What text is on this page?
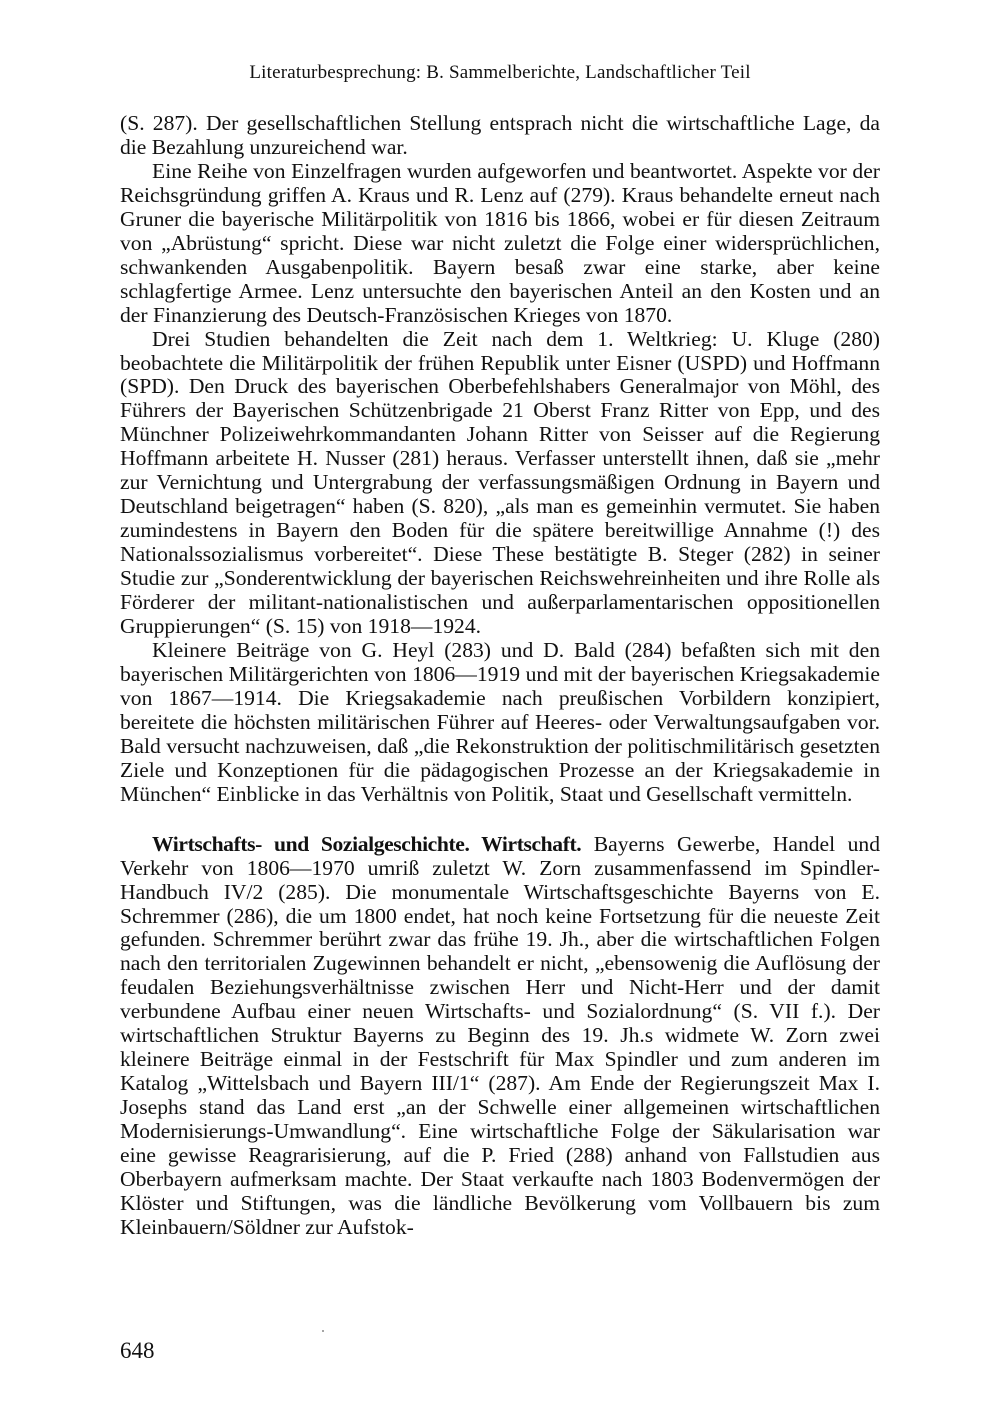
Literaturbesprechung: B. Sammelberichte, Landschaftlicher Teil

(S. 287). Der gesellschaftlichen Stellung entsprach nicht die wirtschaftliche Lage, da die Bezahlung unzureichend war.

Eine Reihe von Einzelfragen wurden aufgeworfen und beantwortet. Aspekte vor der Reichsgründung griffen A. Kraus und R. Lenz auf (279). Kraus behandelte erneut nach Gruner die bayerische Militärpolitik von 1816 bis 1866, wobei er für diesen Zeitraum von „Abrüstung“ spricht. Diese war nicht zuletzt die Folge einer widersprüchlichen, schwankenden Ausgabenpolitik. Bayern besaß zwar eine starke, aber keine schlagfertige Armee. Lenz untersuchte den bayerischen Anteil an den Kosten und an der Finanzierung des Deutsch-Französischen Krieges von 1870.

Drei Studien behandelten die Zeit nach dem 1. Weltkrieg: U. Kluge (280) beobachtete die Militärpolitik der frühen Republik unter Eisner (USPD) und Hoffmann (SPD). Den Druck des bayerischen Oberbefehlshabers Generalmajor von Möhl, des Führers der Bayerischen Schützenbrigade 21 Oberst Franz Ritter von Epp, und des Münchner Polizeiwehrkommandanten Johann Ritter von Seisser auf die Regierung Hoffmann arbeitete H. Nusser (281) heraus. Verfasser unterstellt ihnen, daß sie „mehr zur Vernichtung und Untergrabung der verfassungsmäßigen Ordnung in Bayern und Deutschland beigetragen“ haben (S. 820), „als man es gemeinhin vermutet. Sie haben zumindestens in Bayern den Boden für die spätere bereitwillige Annahme (!) des Nationalssozialismus vorbereitet“. Diese These bestätigte B. Steger (282) in seiner Studie zur „Sonderentwicklung der bayerischen Reichswehreinheiten und ihre Rolle als Förderer der militant-nationalistischen und außerparlamentarischen oppositionellen Gruppierungen“ (S. 15) von 1918—1924.

Kleinere Beiträge von G. Heyl (283) und D. Bald (284) befaßten sich mit den bayerischen Militärgerichten von 1806—1919 und mit der bayerischen Kriegsakademie von 1867—1914. Die Kriegsakademie nach preußischen Vorbildern konzipiert, bereitete die höchsten militärischen Führer auf Heeres- oder Verwaltungsaufgaben vor. Bald versucht nachzuweisen, daß „die Rekonstruktion der politischmilitärisch gesetzten Ziele und Konzeptionen für die pädagogischen Prozesse an der Kriegsakademie in München“ Einblicke in das Verhältnis von Politik, Staat und Gesellschaft vermitteln.

Wirtschafts- und Sozialgeschichte. Wirtschaft. Bayerns Gewerbe, Handel und Verkehr von 1806—1970 umriß zuletzt W. Zorn zusammenfassend im Spindler-Handbuch IV/2 (285). Die monumentale Wirtschaftsgeschichte Bayerns von E. Schremmer (286), die um 1800 endet, hat noch keine Fortsetzung für die neueste Zeit gefunden. Schremmer berührt zwar das frühe 19. Jh., aber die wirtschaftlichen Folgen nach den territorialen Zugewinnen behandelt er nicht, „ebensowenig die Auflösung der feudalen Beziehungsverhältnisse zwischen Herr und Nicht-Herr und der damit verbundene Aufbau einer neuen Wirtschafts- und Sozialordnung“ (S. VII f.). Der wirtschaftlichen Struktur Bayerns zu Beginn des 19. Jh.s widmete W. Zorn zwei kleinere Beiträge einmal in der Festschrift für Max Spindler und zum anderen im Katalog „Wittelsbach und Bayern III/1“ (287). Am Ende der Regierungszeit Max I. Josephs stand das Land erst „an der Schwelle einer allgemeinen wirtschaftlichen Modernisierungs-Umwandlung“. Eine wirtschaftliche Folge der Säkularisation war eine gewisse Reagrarisierung, auf die P. Fried (288) anhand von Fallstudien aus Oberbayern aufmerksam machte. Der Staat verkaufte nach 1803 Bodenvermögen der Klöster und Stiftungen, was die ländliche Bevölkerung vom Vollbauern bis zum Kleinbauern/Söldner zur Aufstok-

648
